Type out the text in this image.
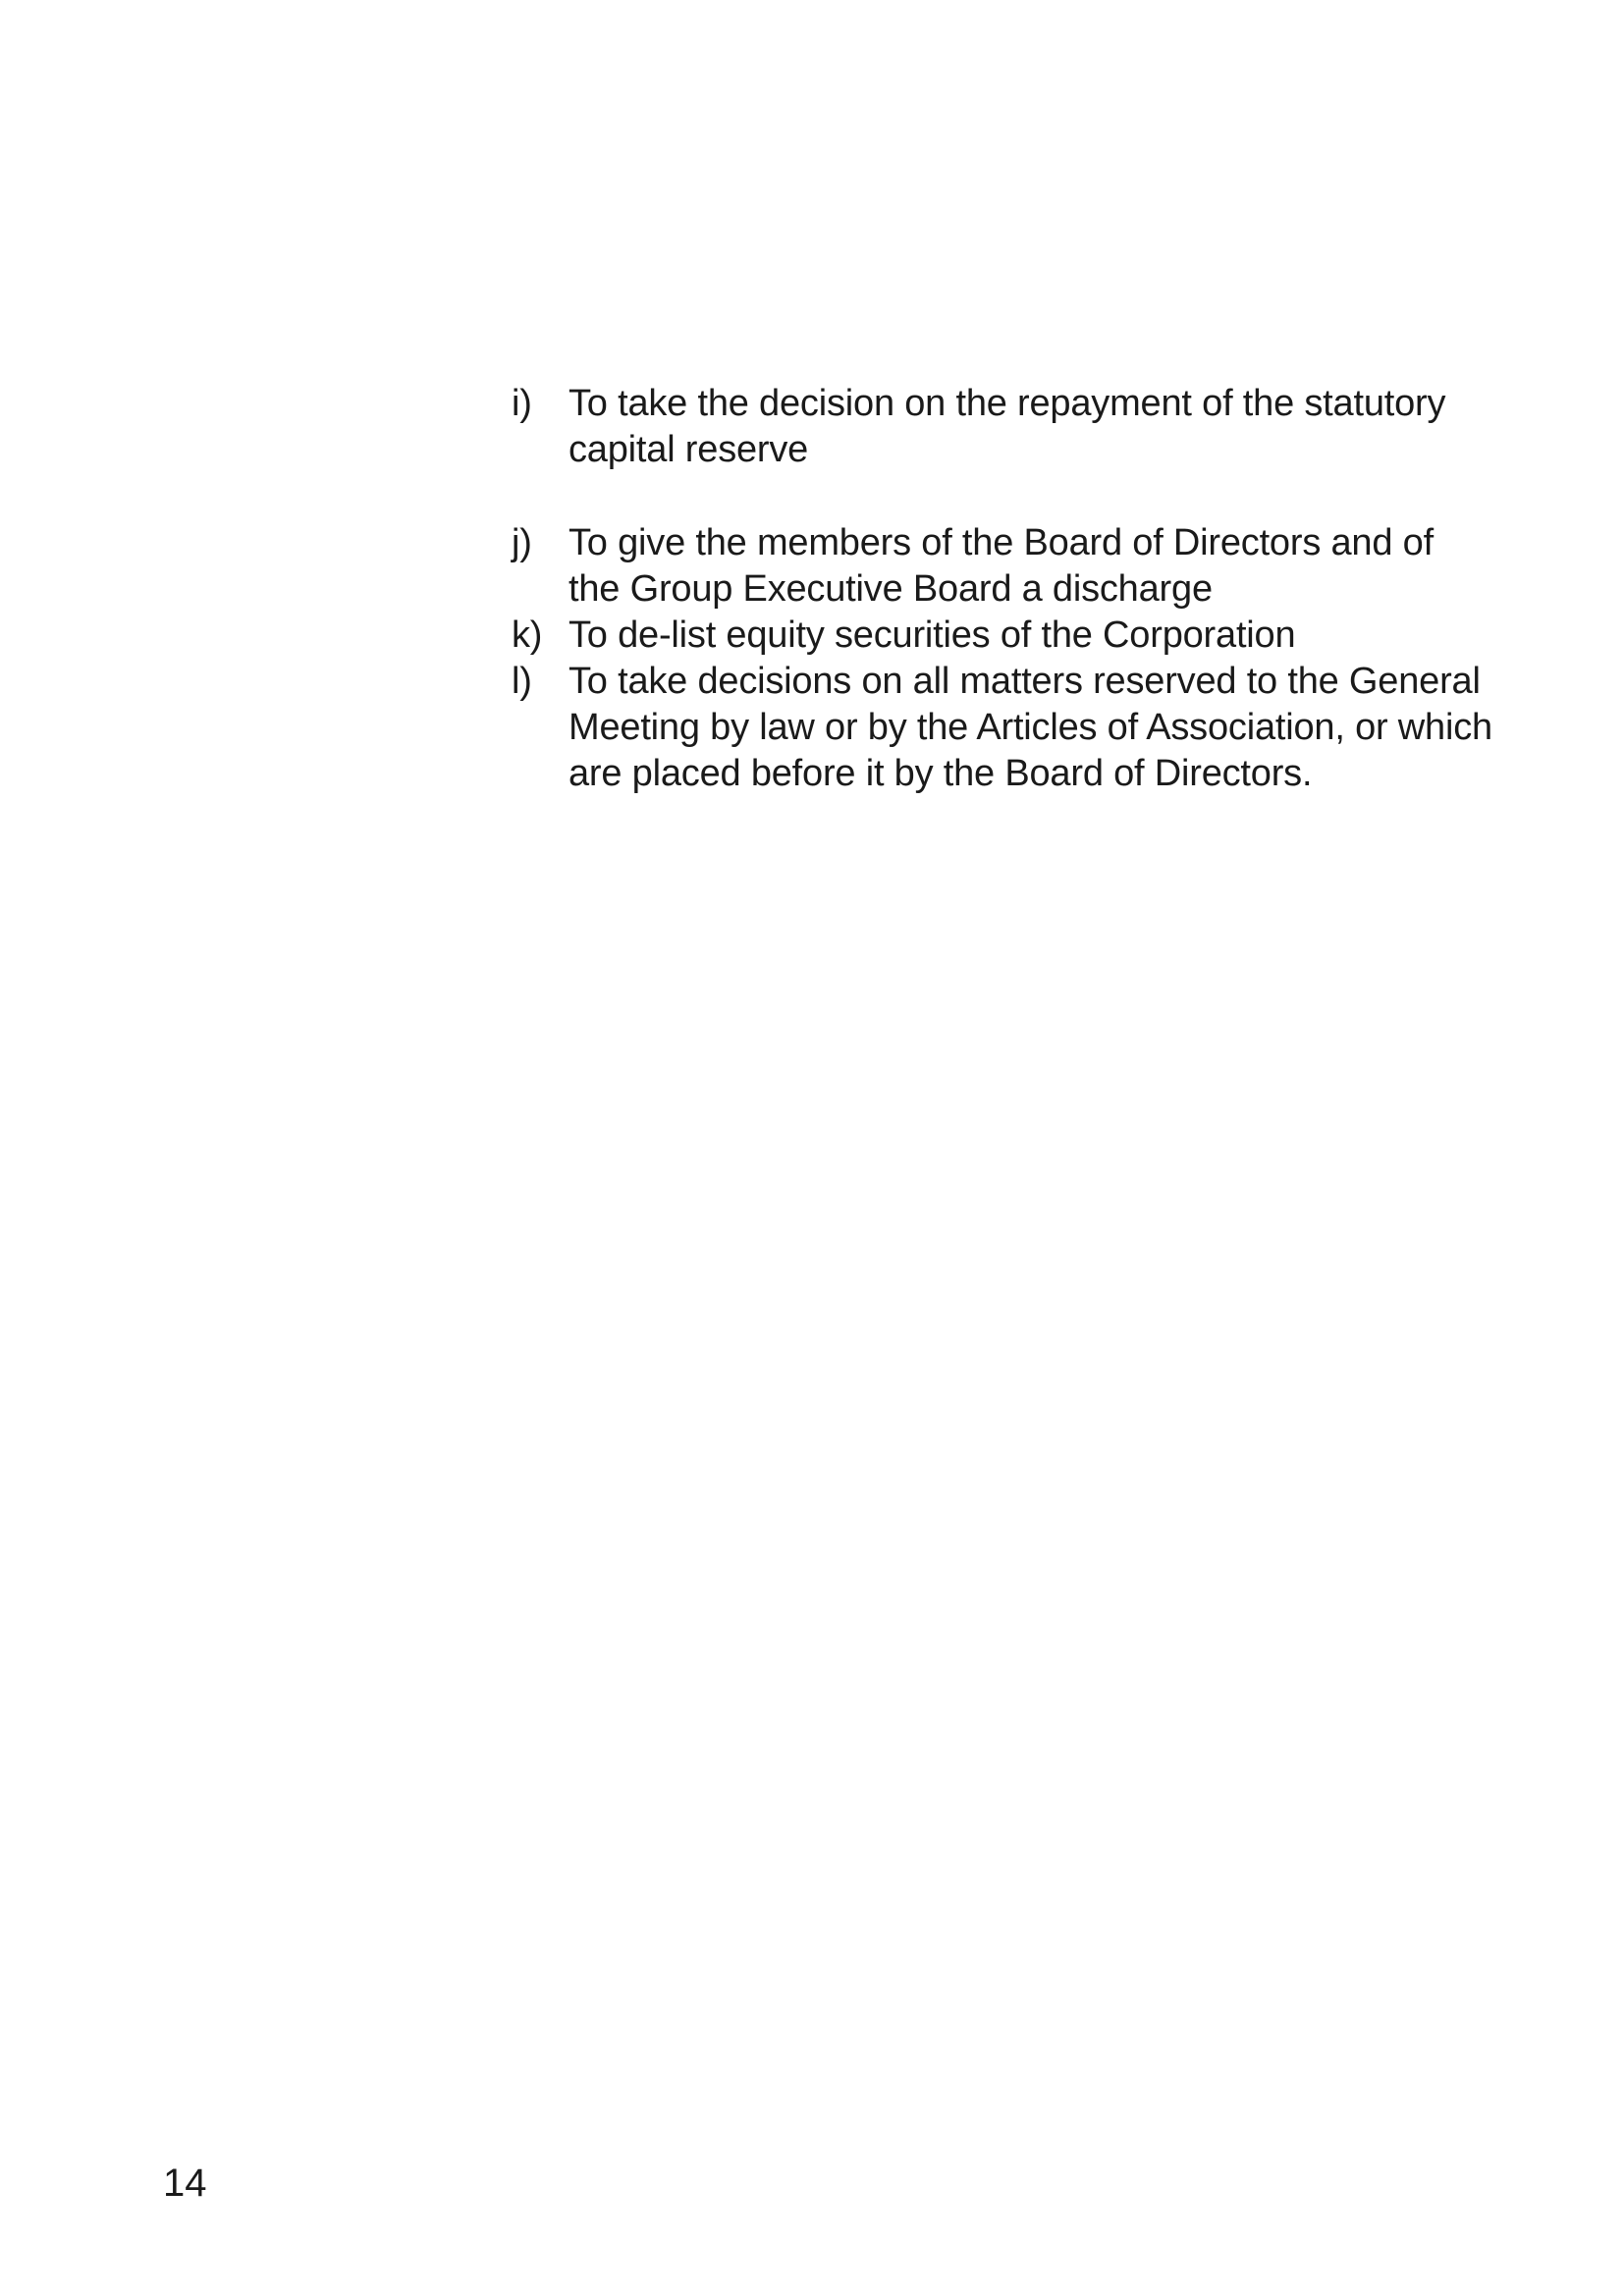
i) To take the decision on the repayment of the statutory capital reserve
j) To give the members of the Board of Directors and of the Group Executive Board a discharge
k) To de-list equity securities of the Corporation
l) To take decisions on all matters reserved to the General Meeting by law or by the Articles of Association, or which are placed before it by the Board of Directors.
14
